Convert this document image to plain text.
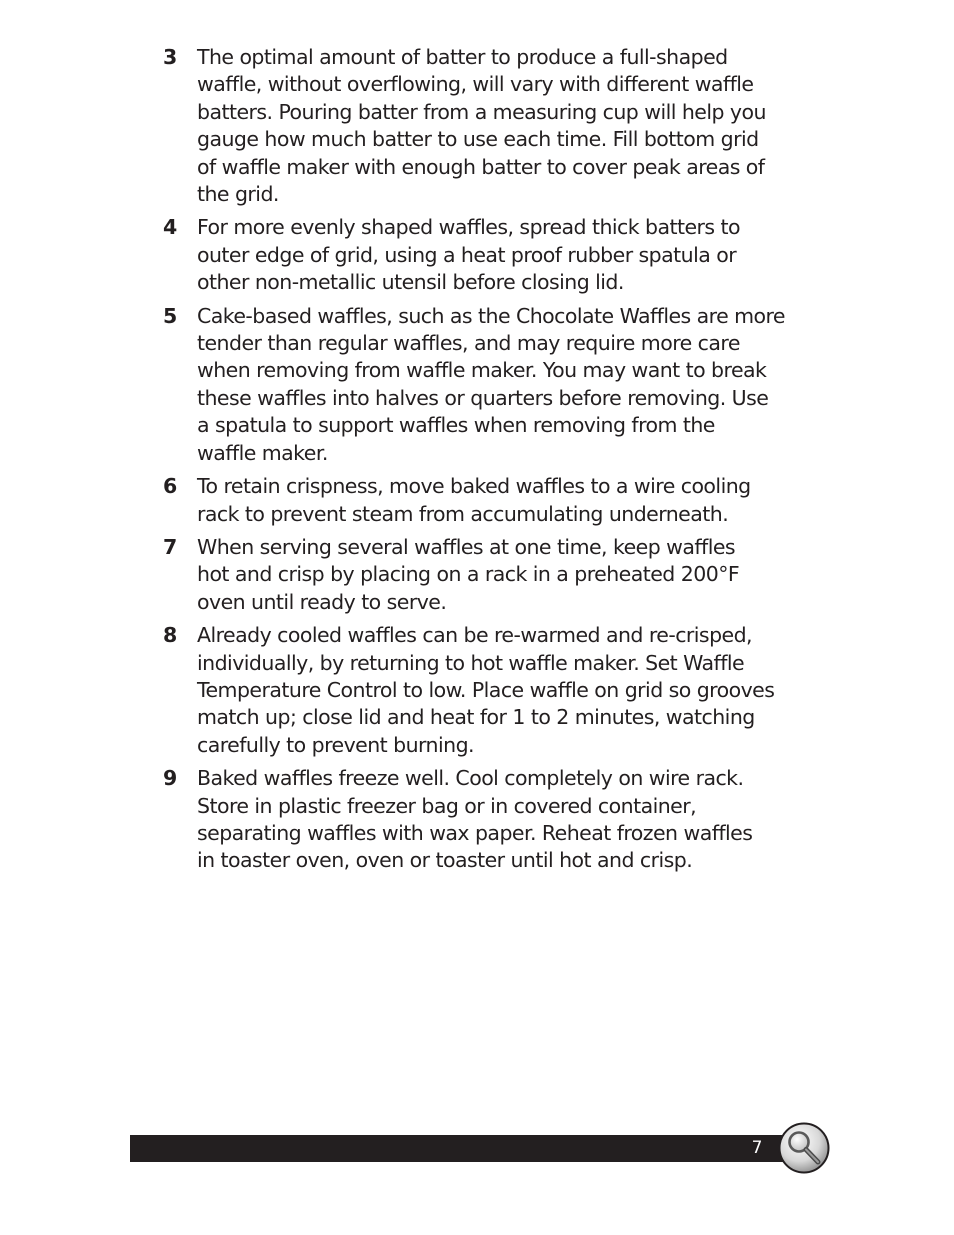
3 The optimal amount of batter to produce a full-shaped
waffle, without overflowing, will vary with different waffle
batters. Pouring batter from a measuring cup will help you
gauge how much batter to use each time. Fill bottom grid
of waffle maker with enough batter to cover peak areas of
the grid.
4 For more evenly shaped waffles, spread thick batters to
outer edge of grid, using a heat proof rubber spatula or
other non-metallic utensil before closing lid.
5 Cake-based waffles, such as the Chocolate Waffles are more
tender than regular waffles, and may require more care
when removing from waffle maker. You may want to break
these waffles into halves or quarters before removing. Use
a spatula to support waffles when removing from the
waffle maker.
6 To retain crispness, move baked waffles to a wire cooling
rack to prevent steam from accumulating underneath.
7 When serving several waffles at one time, keep waffles
hot and crisp by placing on a rack in a preheated 200°F
oven until ready to serve.
8 Already cooled waffles can be re-warmed and re-crisped,
individually, by returning to hot waffle maker. Set Waffle
Temperature Control to low. Place waffle on grid so grooves
match up; close lid and heat for 1 to 2 minutes, watching
carefully to prevent burning.
9 Baked waffles freeze well. Cool completely on wire rack.
Store in plastic freezer bag or in covered container,
separating waffles with wax paper. Reheat frozen waffles
in toaster oven, oven or toaster until hot and crisp.
7
